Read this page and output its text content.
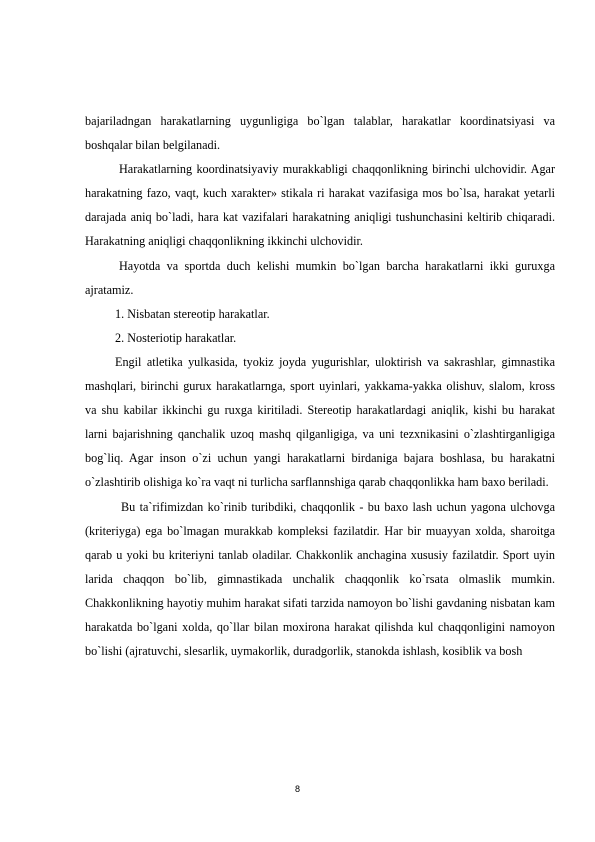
bajariladngan harakatlarning uygunligiga bo`lgan talablar, harakatlar koordinatsiyasi va boshqalar bilan belgilanadi.

Harakatlarning koordinatsiyaviy murakkabligi chaqqonlikning birinchi ulchovidir. Agar harakatning fazo, vaqt, kuch xarakter» stikala ri harakat vazifasiga mos bo`lsa, harakat yetarli darajada aniq bo`ladi, hara kat vazifalari harakatning aniqligi tushunchasini keltirib chiqaradi. Harakatning aniqligi chaqqonlikning ikkinchi ulchovidir.

Hayotda va sportda duch kelishi mumkin bo`lgan barcha harakatlarni ikki guruxga ajratamiz.

1. Nisbatan stereotip harakatlar.

2. Nosteriotip harakatlar.

Engil atletika yulkasida, tyokiz joyda yugurishlar, uloktirish va sakrashlar, gimnastika mashqlari, birinchi gurux harakatlarnga, sport uyinlari, yakkama-yakka olishuv, slalom, kross va shu kabilar ikkinchi gu ruxga kiritiladi. Stereotip harakatlardagi aniqlik, kishi bu harakat larni bajarishning qanchalik uzoq mashq qilganligiga, va uni tezxnikasini o`zlashtirganligiga bog`liq. Agar inson o`zi uchun yangi harakatlarni birdaniga bajara boshlasa, bu harakatni o`zlashtirib olishiga ko`ra vaqt ni turlicha sarflannshiga qarab chaqqonlikka ham baxo beriladi.

Bu ta`rifimizdan ko`rinib turibdiki, chaqqonlik - bu baxo lash uchun yagona ulchovga (kriteriyga) ega bo`lmagan murakkab kompleksi fazilatdir. Har bir muayyan xolda, sharoitga qarab u yoki bu kriteriyni tanlab oladilar. Chakkonlik anchagina xususiy fazilatdir. Sport uyin larida chaqqon bo`lib, gimnastikada unchalik chaqqonlik ko`rsata olmaslik mumkin. Chakkonlikning hayotiy muhim harakat sifati tarzida namoyon bo`lishi gavdaning nisbatan kam harakatda bo`lgani xolda, qo`llar bilan moxirona harakat qilishda kul chaqqonligini namoyon bo`lishi (ajratuvchi, slesarlik, uymakorlik, duradgorlik, stanokda ishlash, kosiblik va bosh

8
